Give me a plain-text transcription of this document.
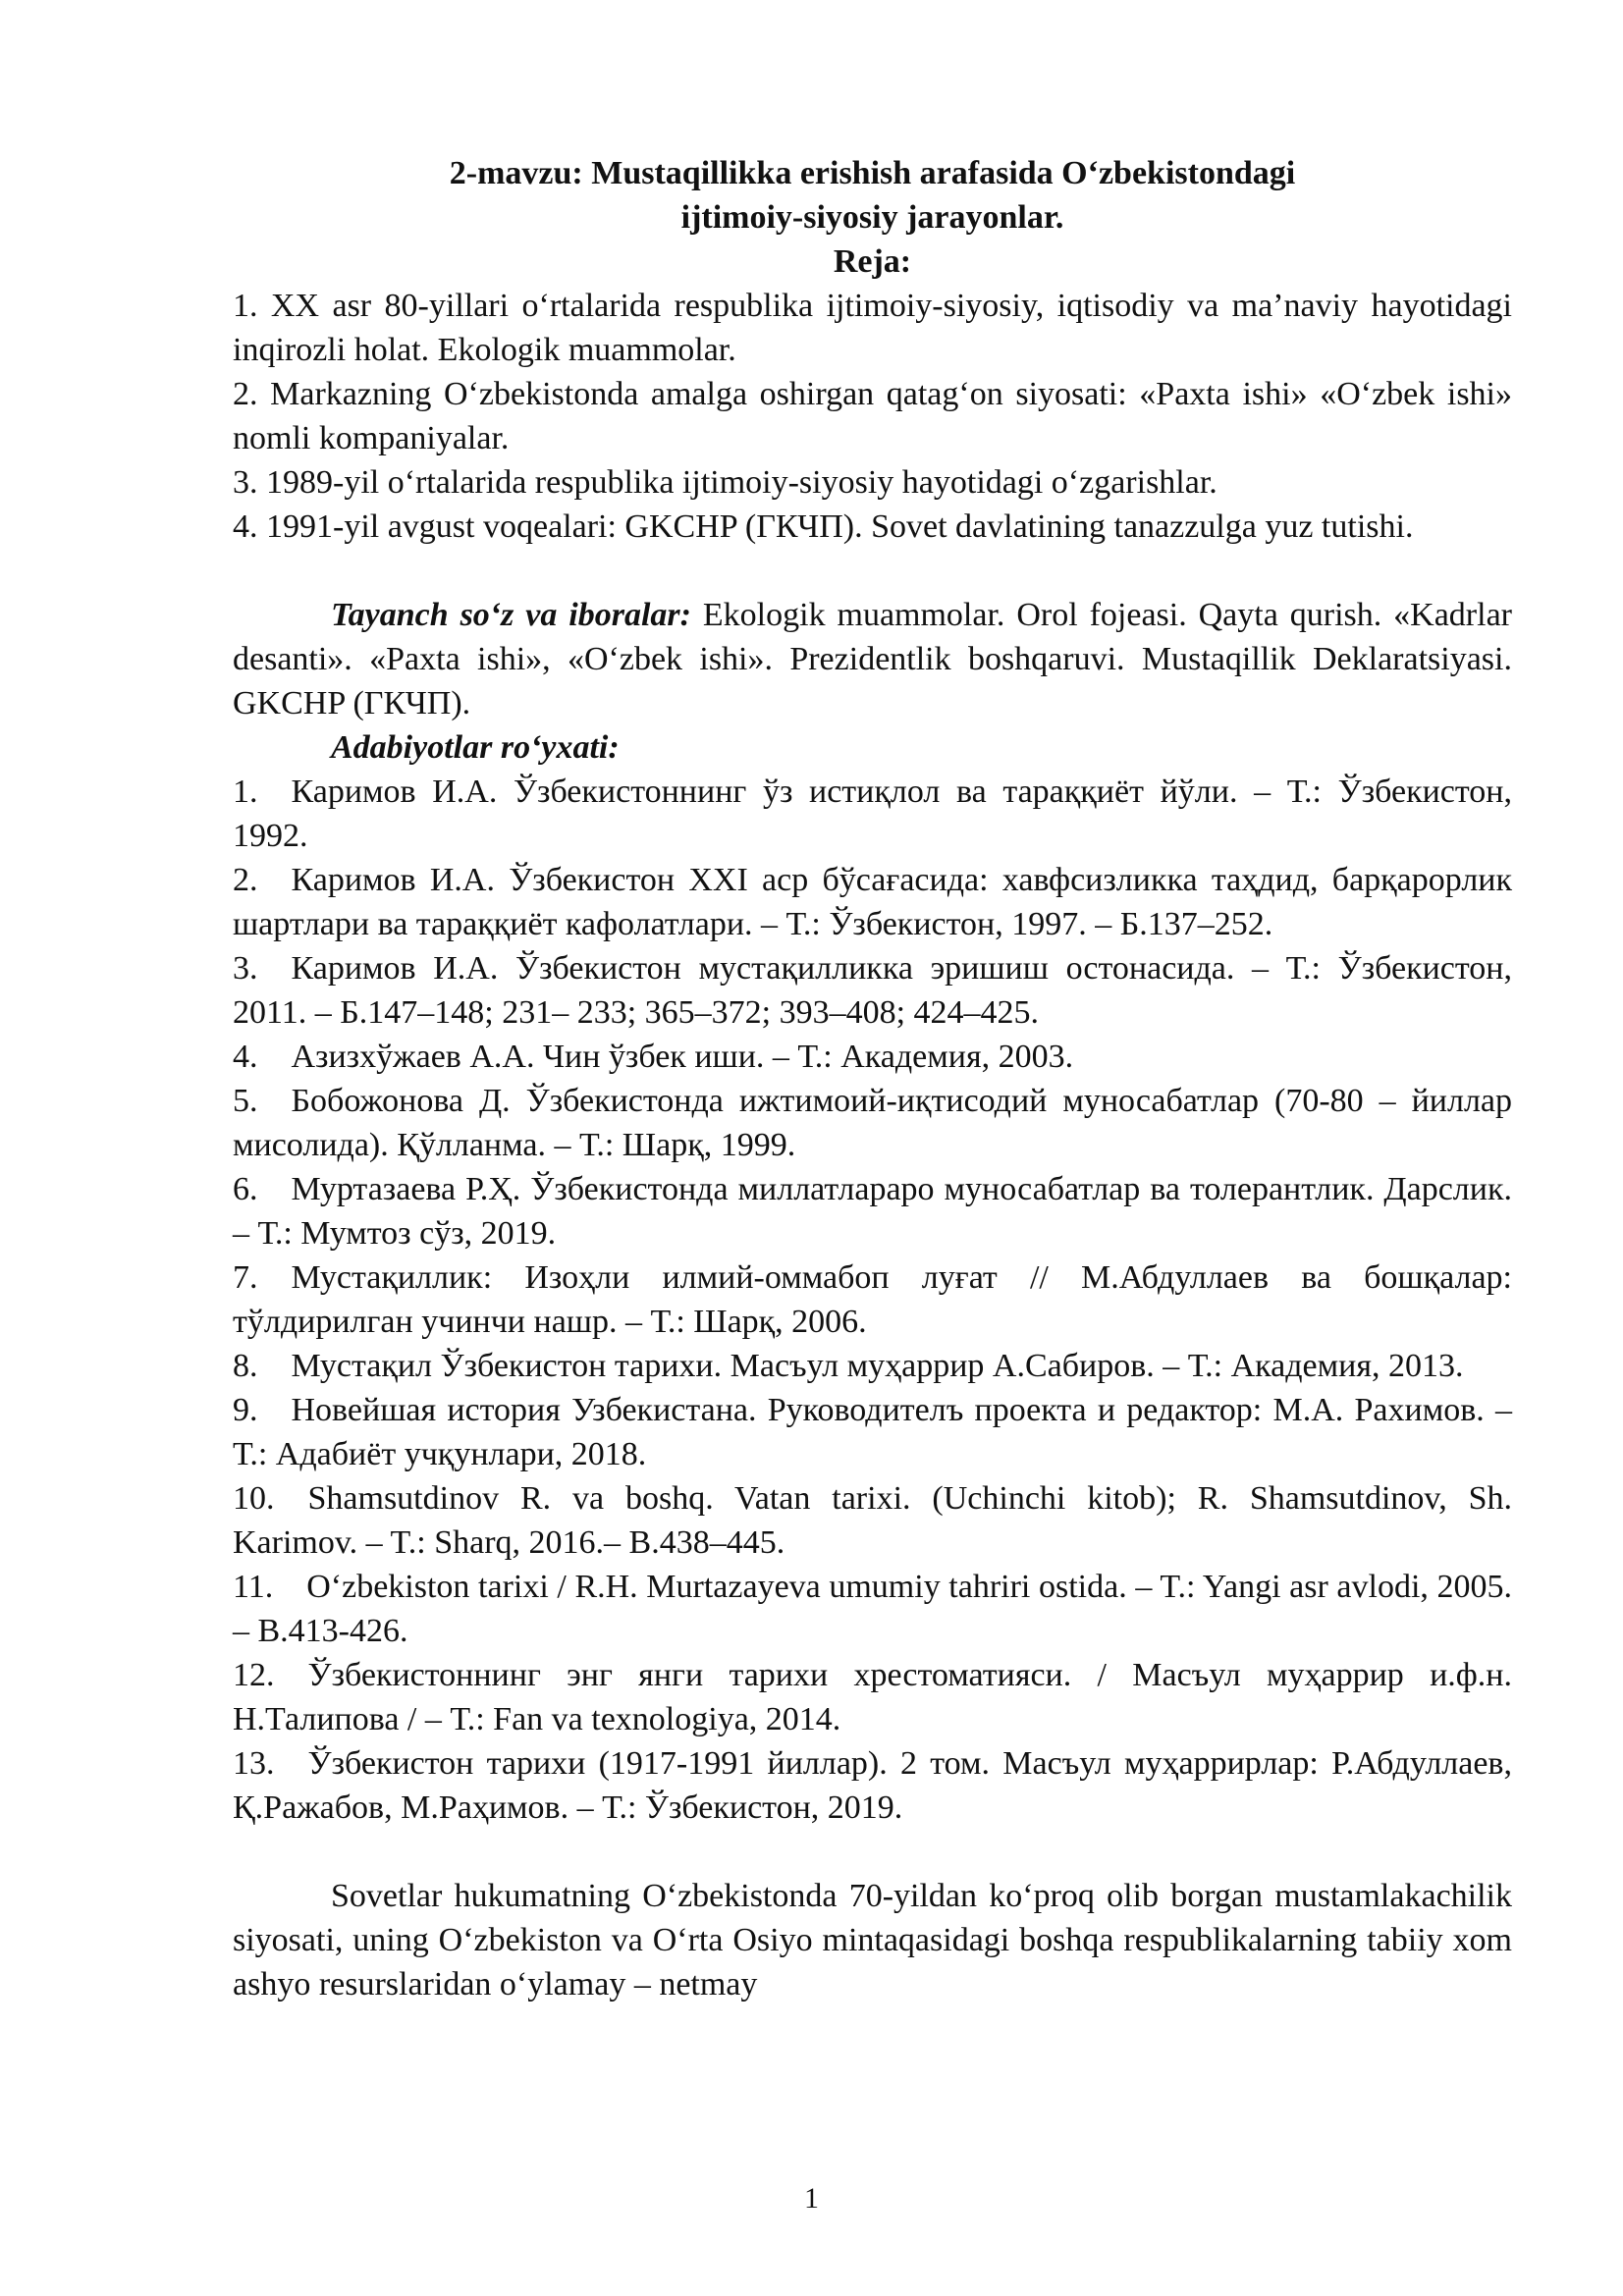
2-mavzu: Mustaqillikka erishish arafasida O‘zbekistondagi
ijtimoiy-siyosiy jarayonlar.
Reja:

1. XX asr 80-yillari o‘rtalarida respublika ijtimoiy-siyosiy, iqtisodiy va ma’naviy hayotidagi inqirozli holat. Ekologik muammolar.

2. Markazning O‘zbekistonda amalga oshirgan qatag‘on siyosati: «Paxta ishi» «O‘zbek ishi» nomli kompaniyalar.

3. 1989-yil o‘rtalarida respublika ijtimoiy-siyosiy hayotidagi o‘zgarishlar.

4. 1991-yil avgust voqealari: GKCHP (ГКЧП). Sovet davlatining tanazzulga yuz tutishi.

Tayanch so‘z va iboralar: Ekologik muammolar. Orol fojeasi. Qayta qurish. «Kadrlar desanti». «Paxta ishi», «O‘zbek ishi». Prezidentlik boshqaruvi. Mustaqillik Deklaratsiyasi. GKCHP (ГКЧП).

Adabiyotlar ro‘yxati:

1. Каримов И.А. Ўзбекистоннинг ўз истиқлол ва тараққиёт йўли. – Т.: Ўзбекистон, 1992.

2. Каримов И.А. Ўзбекистон XXI аср бўсағасида: хавфсизликка таҳдид, барқарорлик шартлари ва тараққиёт кафолатлари. – Т.: Ўзбекистон, 1997. – Б.137–252.

3. Каримов И.А. Ўзбекистон мустақилликка эришиш остонасида. – Т.: Ўзбекистон, 2011. – Б.147–148; 231– 233; 365–372; 393–408; 424–425.

4. Азизхўжаев А.А. Чин ўзбек иши. – Т.: Академия, 2003.

5. Бобожонова Д. Ўзбекистонда ижтимоий-иқтисодий муносабатлар (70-80 – йиллар мисолида). Қўлланма. – Т.: Шарқ, 1999.

6. Муртазаева Р.Ҳ. Ўзбекистонда миллатлараро муносабатлар ва толерантлик. Дарслик. – Т.: Мумтоз сўз, 2019.

7. Мустақиллик: Изоҳли илмий-оммабоп луғат // М.Абдуллаев ва бошқалар: тўлдирилган учинчи нашр. – Т.: Шарқ, 2006.

8. Мустақил Ўзбекистон тарихи. Масъул муҳаррир А.Сабиров. – Т.: Академия, 2013.

9. Новейшая история Узбекистана. Руководителъ проекта и редактор: М.А. Рахимов. – Т.: Адабиёт учқунлари, 2018.

10. Shamsutdinov R. va boshq. Vatan tarixi. (Uchinchi kitob); R. Shamsutdinov, Sh. Karimov. – T.: Sharq, 2016.– B.438–445.

11. O‘zbekiston tarixi / R.H. Murtazayeva umumiy tahriri ostida. – T.: Yangi asr avlodi, 2005. – B.413-426.

12. Ўзбекистоннинг энг янги тарихи хрестоматияси. / Масъул муҳаррир и.ф.н. Н.Талипова / – Т.: Fan va texnologiya, 2014.

13. Ўзбекистон тарихи (1917-1991 йиллар). 2 том. Масъул муҳаррирлар: Р.Абдуллаев, Қ.Ражабов, М.Раҳимов. – Т.: Ўзбекистон, 2019.

Sovetlar hukumatning O‘zbekistonda 70-yildan ko‘proq olib borgan mustamlakachilik siyosati, uning O‘zbekiston va O‘rta Osiyo mintaqasidagi boshqa respublikalarning tabiiy xom ashyo resurslaridan o‘ylamay – netmay

1
